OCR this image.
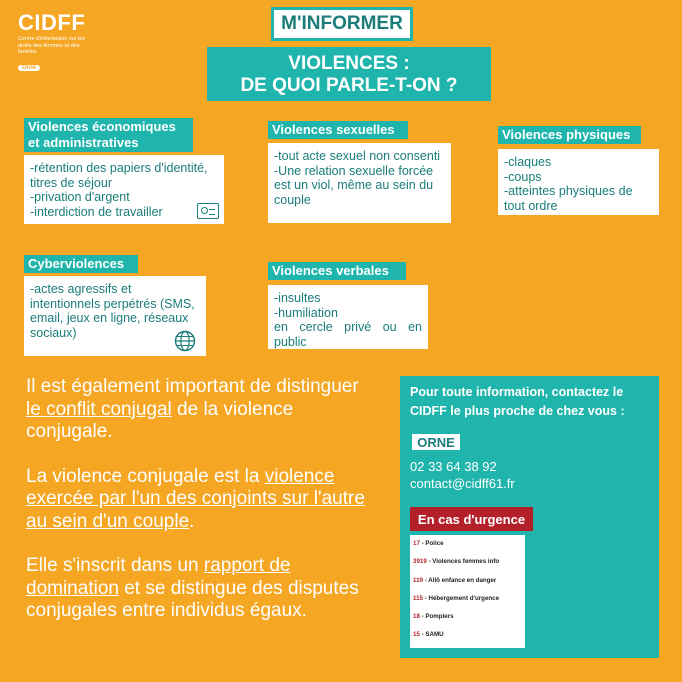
CIDFF
Centre d'information sur les droits des femmes et des familles
Orne
M'INFORMER
VIOLENCES :
DE QUOI PARLE-T-ON ?
Violences économiques et administratives
-rétention des papiers d'identité, titres de séjour
-privation d'argent
-interdiction de travailler
Violences sexuelles
-tout acte sexuel non consenti
-Une relation sexuelle forcée est un viol, même au sein du couple
Violences physiques
-claques
-coups
-atteintes physiques de tout ordre
Cyberviolences
-actes agressifs et intentionnels perpétrés (SMS, email, jeux en ligne, réseaux sociaux)
Violences verbales
-insultes
-humiliation
en cercle privé ou en public

Il est également important de distinguer le conflit conjugal de la violence conjugale.

La violence conjugale est la violence exercée par l'un des conjoints sur l'autre au sein d'un couple.

Elle s'inscrit dans un rapport de domination et se distingue des disputes conjugales entre individus égaux.

Pour toute information, contactez le CIDFF le plus proche de chez vous :
ORNE
02 33 64 38 92
contact@cidff61.fr
En cas d'urgence
17 - Police
3919 - Violences femmes info
119 - Allô enfance en danger
115 - Hébergement d'urgence
18 - Pompiers
15 - SAMU
